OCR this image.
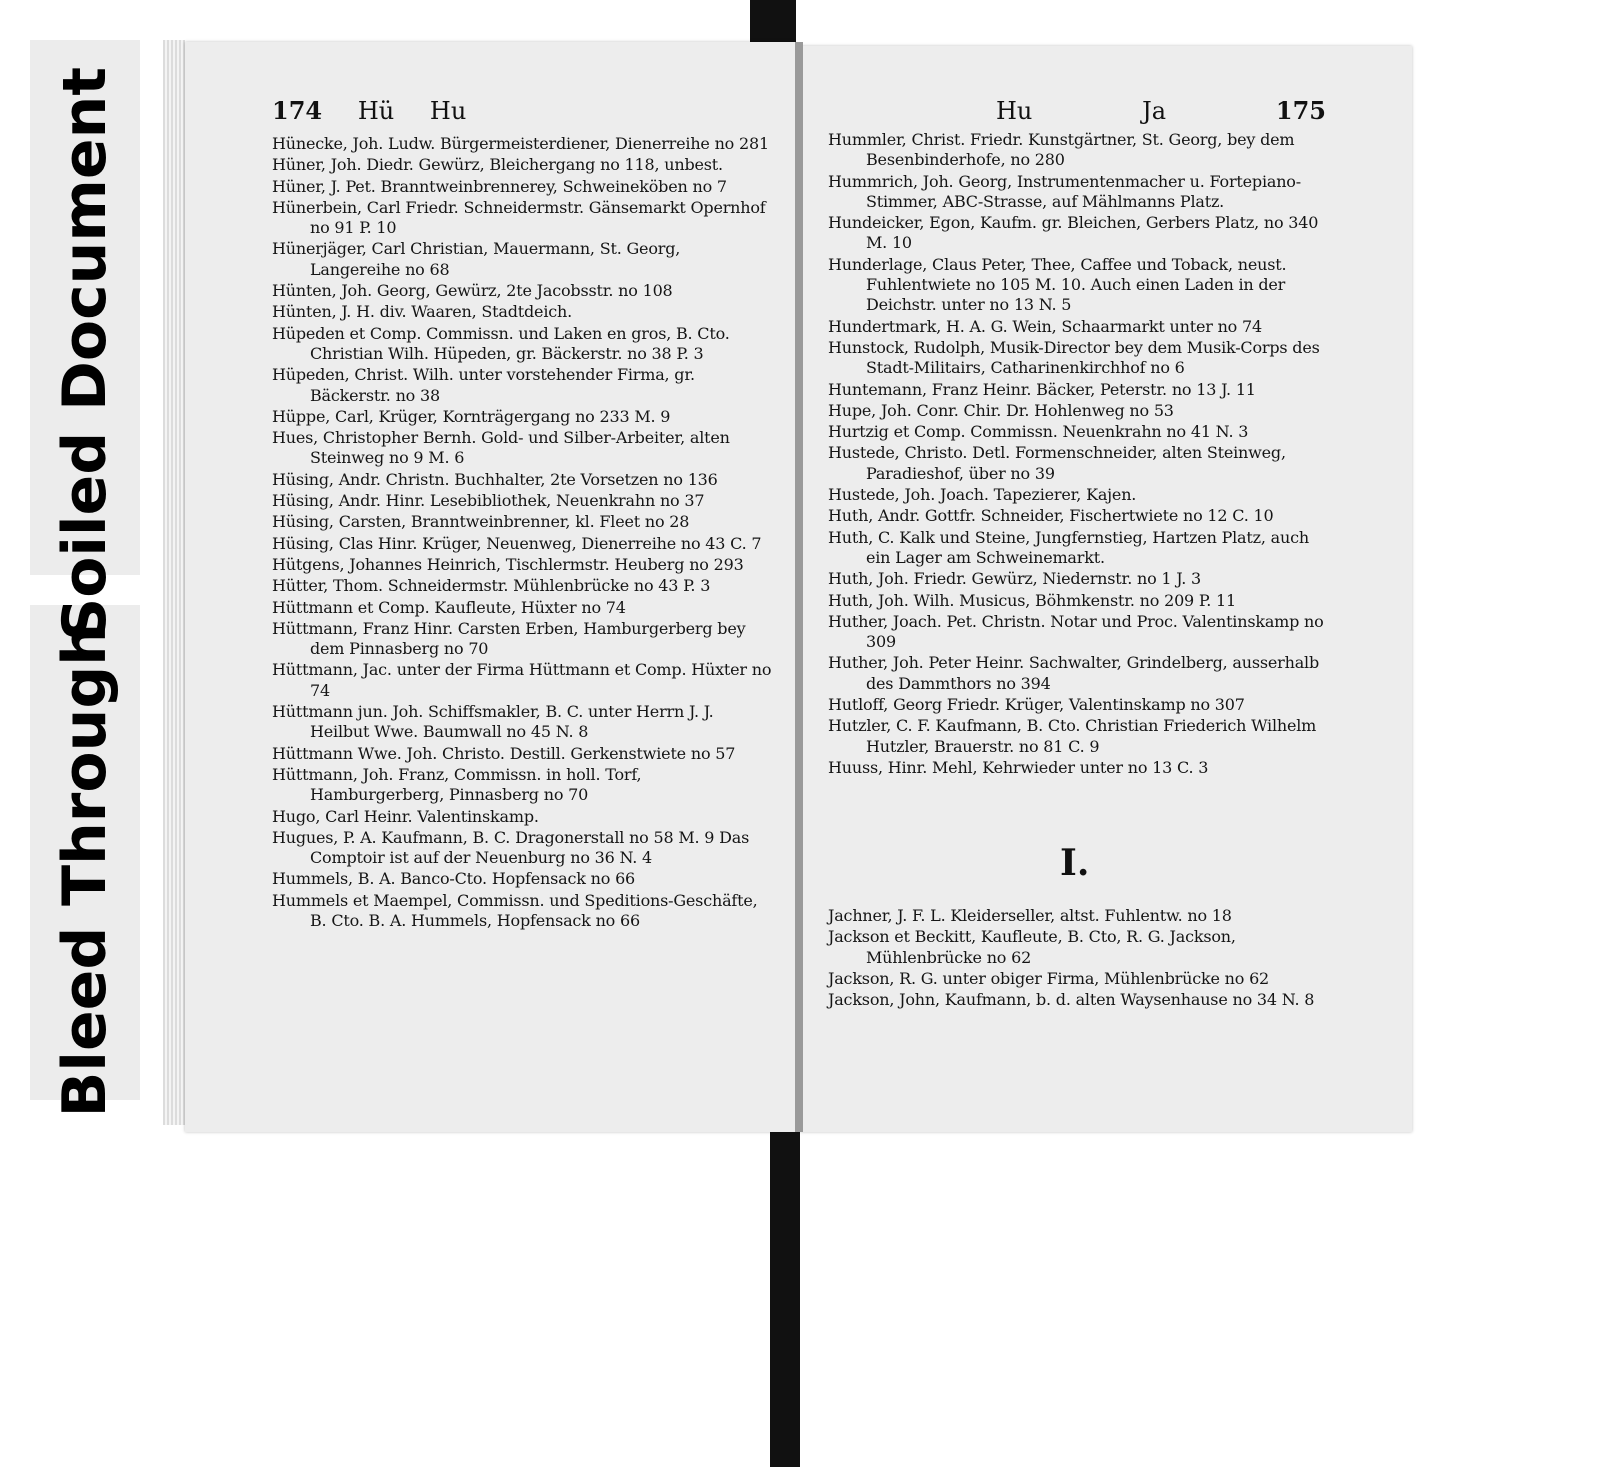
Soiled Document
Bleed Through
174 Hü Hu	Hu	Ja	175
Hünecke, Joh. Ludw. Bürgermeisterdiener, Dienerreihe no 281
Hüner, Joh. Diedr. Gewürz, Bleichergang no 118, unbest.
Hüner, J. Pet. Branntweinbrennerey, Schweineköben no 7
Hünerbein, Carl Friedr. Schneidermstr. Gänsemarkt Opernhof no 91 P. 10
Hünerjäger, Carl Christian, Mauermann, St. Georg, Langereihe no 68
Hünten, Joh. Georg, Gewürz, 2te Jacobsstr. no 108
Hünten, J. H. div. Waaren, Stadtdeich.
Hüpeden et Comp. Commissn. und Laken en gros, B. Cto. Christian Wilh. Hüpeden, gr. Bäckerstr. no 38 P. 3
Hüpeden, Christ. Wilh. unter vorstehender Firma, gr. Bäckerstr. no 38
Hüppe, Carl, Krüger, Kornträgergang no 233 M. 9
Hues, Christopher Bernh. Gold- und Silber-Arbeiter, alten Steinweg no 9 M. 6
Hüsing, Andr. Christn. Buchhalter, 2te Vorsetzen no 136
Hüsing, Andr. Hinr. Lesebibliothek, Neuenkrahn no 37
Hüsing, Carsten, Branntweinbrenner, kl. Fleet no 28
Hüsing, Clas Hinr. Krüger, Neuenweg, Dienerreihe no 43 C. 7
Hütgens, Johannes Heinrich, Tischlermstr. Heuberg no 293
Hütter, Thom. Schneidermstr. Mühlenbrücke no 43 P. 3
Hüttmann et Comp. Kaufleute, Hüxter no 74
Hüttmann, Franz Hinr. Carsten Erben, Hamburgerberg bey dem Pinnasberg no 70
Hüttmann, Jac. unter der Firma Hüttmann et Comp. Hüxter no 74
Hüttmann jun. Joh. Schiffsmakler, B. C. unter Herrn J. J. Heilbut Wwe. Baumwall no 45 N. 8
Hüttmann Wwe. Joh. Christo. Destill. Gerkenstwiete no 57
Hüttmann, Joh. Franz, Commissn. in holl. Torf, Hamburgerberg, Pinnasberg no 70
Hugo, Carl Heinr. Valentinskamp.
Hugues, P. A. Kaufmann, B. C. Dragonerstall no 58 M. 9 Das Comptoir ist auf der Neuenburg no 36 N. 4
Hummels, B. A. Banco-Cto. Hopfensack no 66
Hummels et Maempel, Commissn. und Speditions-Geschäfte, B. Cto. B. A. Hummels, Hopfensack no 66
Hummler, Christ. Friedr. Kunstgärtner, St. Georg, bey dem Besenbinderhofe, no 280
Hummrich, Joh. Georg, Instrumentenmacher u. Fortepiano-Stimmer, ABC-Strasse, auf Mählmanns Platz.
Hundeicker, Egon, Kaufm. gr. Bleichen, Gerbers Platz, no 340 M. 10
Hunderlage, Claus Peter, Thee, Caffee und Toback, neust. Fuhlentwiete no 105 M. 10. Auch einen Laden in der Deichstr. unter no 13 N. 5
Hundertmark, H. A. G. Wein, Schaarmarkt unter no 74
Hunstock, Rudolph, Musik-Director bey dem Musik-Corps des Stadt-Militairs, Catharinenkirchhof no 6
Huntemann, Franz Heinr. Bäcker, Peterstr. no 13 J. 11
Hupe, Joh. Conr. Chir. Dr. Hohlenweg no 53
Hurtzig et Comp. Commissn. Neuenkrahn no 41 N. 3
Hustede, Christo. Detl. Formenschneider, alten Steinweg, Paradieshof, über no 39
Hustede, Joh. Joach. Tapezierer, Kajen.
Huth, Andr. Gottfr. Schneider, Fischertwiete no 12 C. 10
Huth, C. Kalk und Steine, Jungfernstieg, Hartzen Platz, auch ein Lager am Schweinemarkt.
Huth, Joh. Friedr. Gewürz, Niedernstr. no 1 J. 3
Huth, Joh. Wilh. Musicus, Böhmkenstr. no 209 P. 11
Huther, Joach. Pet. Christn. Notar und Proc. Valentinskamp no 309
Huther, Joh. Peter Heinr. Sachwalter, Grindelberg, ausserhalb des Dammthors no 394
Hutloff, Georg Friedr. Krüger, Valentinskamp no 307
Hutzler, C. F. Kaufmann, B. Cto. Christian Friederich Wilhelm Hutzler, Brauerstr. no 81 C. 9
Huuss, Hinr. Mehl, Kehrwieder unter no 13 C. 3
I.
Jachner, J. F. L. Kleiderseller, altst. Fuhlentw. no 18
Jackson et Beckitt, Kaufleute, B. Cto, R. G. Jackson, Mühlenbrücke no 62
Jackson, R. G. unter obiger Firma, Mühlenbrücke no 62
Jackson, John, Kaufmann, b. d. alten Waysenhause no 34 N. 8
